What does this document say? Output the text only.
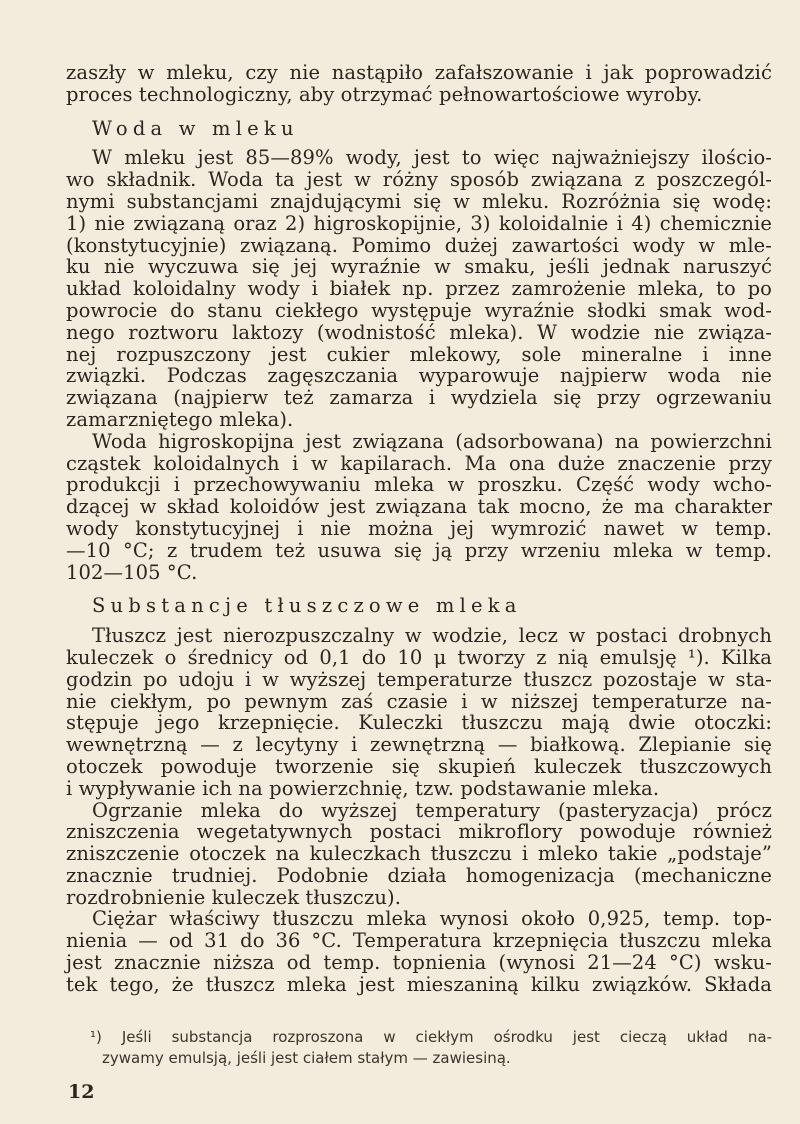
zaszły w mleku, czy nie nastąpiło zafałszowanie i jak poprowadzić
proces technologiczny, aby otrzymać pełnowartościowe wyroby.
Woda w mleku
W mleku jest 85—89% wody, jest to więc najważniejszy ilościo-
wo składnik. Woda ta jest w różny sposób związana z poszczegól-
nymi substancjami znajdującymi się w mleku. Rozróżnia się wodę:
1) nie związaną oraz 2) higroskopijnie, 3) koloidalnie i 4) chemicznie
(konstytucyjnie) związaną. Pomimo dużej zawartości wody w mle-
ku nie wyczuwa się jej wyraźnie w smaku, jeśli jednak naruszyć
układ koloidalny wody i białek np. przez zamrożenie mleka, to po
powrocie do stanu ciekłego występuje wyraźnie słodki smak wod-
nego roztworu laktozy (wodnistość mleka). W wodzie nie związa-
nej rozpuszczony jest cukier mlekowy, sole mineralne i inne
związki. Podczas zagęszczania wyparowuje najpierw woda nie
związana (najpierw też zamarza i wydziela się przy ogrzewaniu
zamarzniętego mleka).
Woda higroskopijna jest związana (adsorbowana) na powierzchni
cząstek koloidalnych i w kapilarach. Ma ona duże znaczenie przy
produkcji i przechowywaniu mleka w proszku. Część wody wcho-
dzącej w skład koloidów jest związana tak mocno, że ma charakter
wody konstytucyjnej i nie można jej wymrozić nawet w temp.
—10 °C; z trudem też usuwa się ją przy wrzeniu mleka w temp.
102—105 °C.
Substancje tłuszczowe mleka
Tłuszcz jest nierozpuszczalny w wodzie, lecz w postaci drobnych
kuleczek o średnicy od 0,1 do 10 μ tworzy z nią emulsję ¹). Kilka
godzin po udoju i w wyższej temperaturze tłuszcz pozostaje w sta-
nie ciekłym, po pewnym zaś czasie i w niższej temperaturze na-
stępuje jego krzepnięcie. Kuleczki tłuszczu mają dwie otoczki:
wewnętrzną — z lecytyny i zewnętrzną — białkową. Zlepianie się
otoczek powoduje tworzenie się skupień kuleczek tłuszczowych
i wypływanie ich na powierzchnię, tzw. podstawanie mleka.
Ogrzanie mleka do wyższej temperatury (pasteryzacja) prócz
zniszczenia wegetatywnych postaci mikroflory powoduje również
zniszczenie otoczek na kuleczkach tłuszczu i mleko takie „podstaje”
znacznie trudniej. Podobnie działa homogenizacja (mechaniczne
rozdrobnienie kuleczek tłuszczu).
Ciężar właściwy tłuszczu mleka wynosi około 0,925, temp. top-
nienia — od 31 do 36 °C. Temperatura krzepnięcia tłuszczu mleka
jest znacznie niższa od temp. topnienia (wynosi 21—24 °C) wsku-
tek tego, że tłuszcz mleka jest mieszaniną kilku związków. Składa
¹) Jeśli substancja rozproszona w ciekłym ośrodku jest cieczą układ na-
zywamy emulsją, jeśli jest ciałem stałym — zawiesiną.
12
